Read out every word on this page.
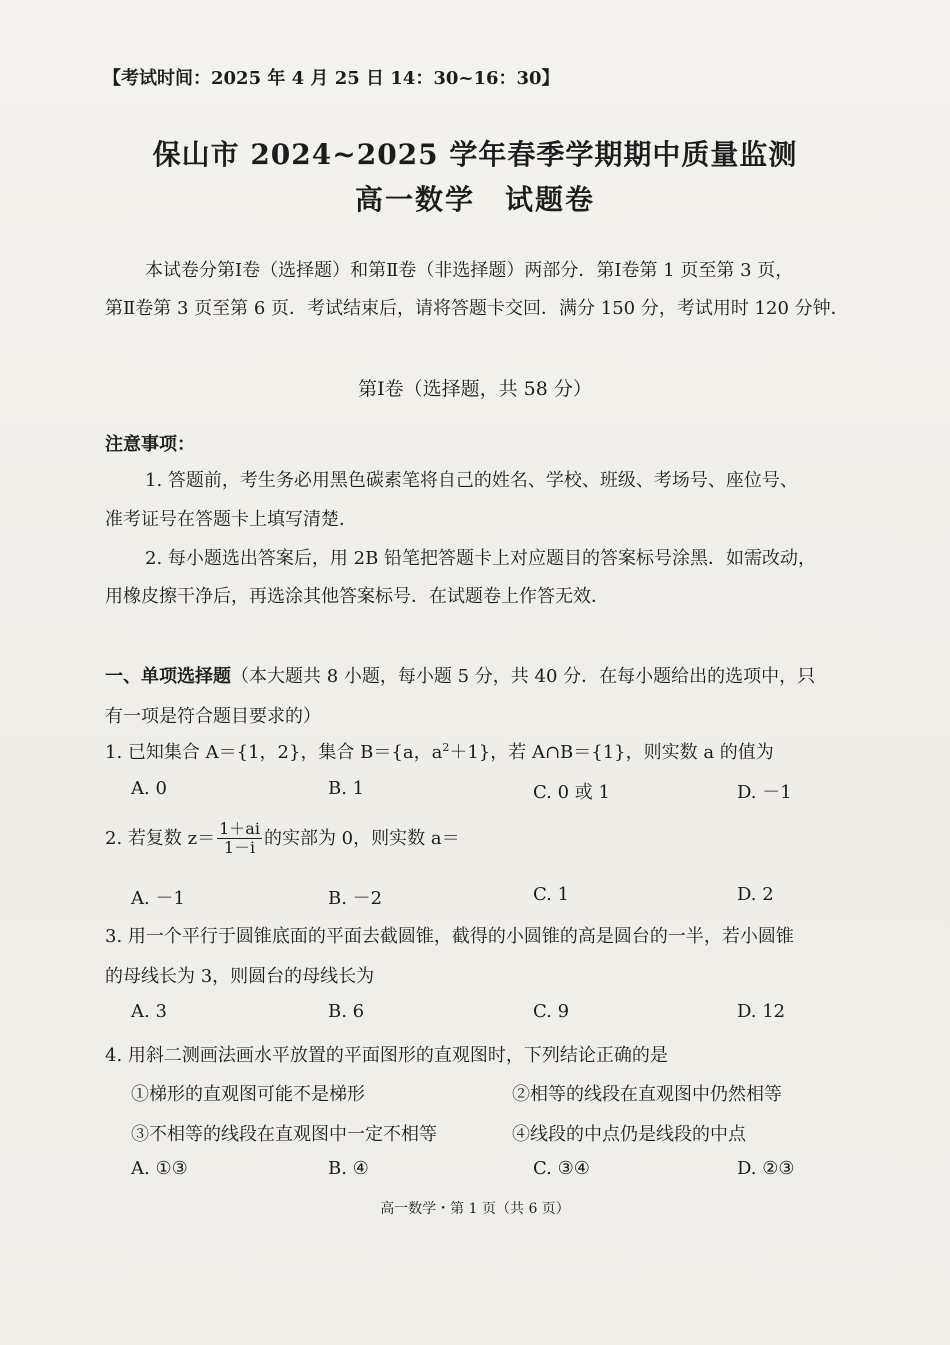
【考试时间：2025 年 4 月 25 日 14：30~16：30】
保山市 2024~2025 学年春季学期期中质量监测
高一数学　试题卷
本试卷分第Ⅰ卷（选择题）和第Ⅱ卷（非选择题）两部分．第Ⅰ卷第 1 页至第 3 页，
第Ⅱ卷第 3 页至第 6 页．考试结束后，请将答题卡交回．满分 150 分，考试用时 120 分钟．
第Ⅰ卷（选择题，共 58 分）
注意事项：
1. 答题前，考生务必用黑色碳素笔将自己的姓名、学校、班级、考场号、座位号、
准考证号在答题卡上填写清楚．
2. 每小题选出答案后，用 2B 铅笔把答题卡上对应题目的答案标号涂黑．如需改动，
用橡皮擦干净后，再选涂其他答案标号．在试题卷上作答无效．
一、单项选择题（本大题共 8 小题，每小题 5 分，共 40 分．在每小题给出的选项中，只
有一项是符合题目要求的）
1. 已知集合 A＝{1，2}，集合 B＝{a，$a^2+1$}，若 A∩B＝{1}，则实数 a 的值为
A. 0	B. 1	C. 0 或 1	D. －1
2. 若复数 $z= \frac{1+ai}{1-i}$ 的实部为 0，则实数 a＝
A. －1	B. －2	C. 1	D. 2
3. 用一个平行于圆锥底面的平面去截圆锥，截得的小圆锥的高是圆台的一半，若小圆锥
的母线长为 3，则圆台的母线长为
A. 3	B. 6	C. 9	D. 12
4. 用斜二测画法画水平放置的平面图形的直观图时，下列结论正确的是
①梯形的直观图可能不是梯形	②相等的线段在直观图中仍然相等
③不相等的线段在直观图中一定不相等	④线段的中点仍是线段的中点
A. ①③	B. ④	C. ③④	D. ②③
高一数学・第 1 页（共 6 页）
